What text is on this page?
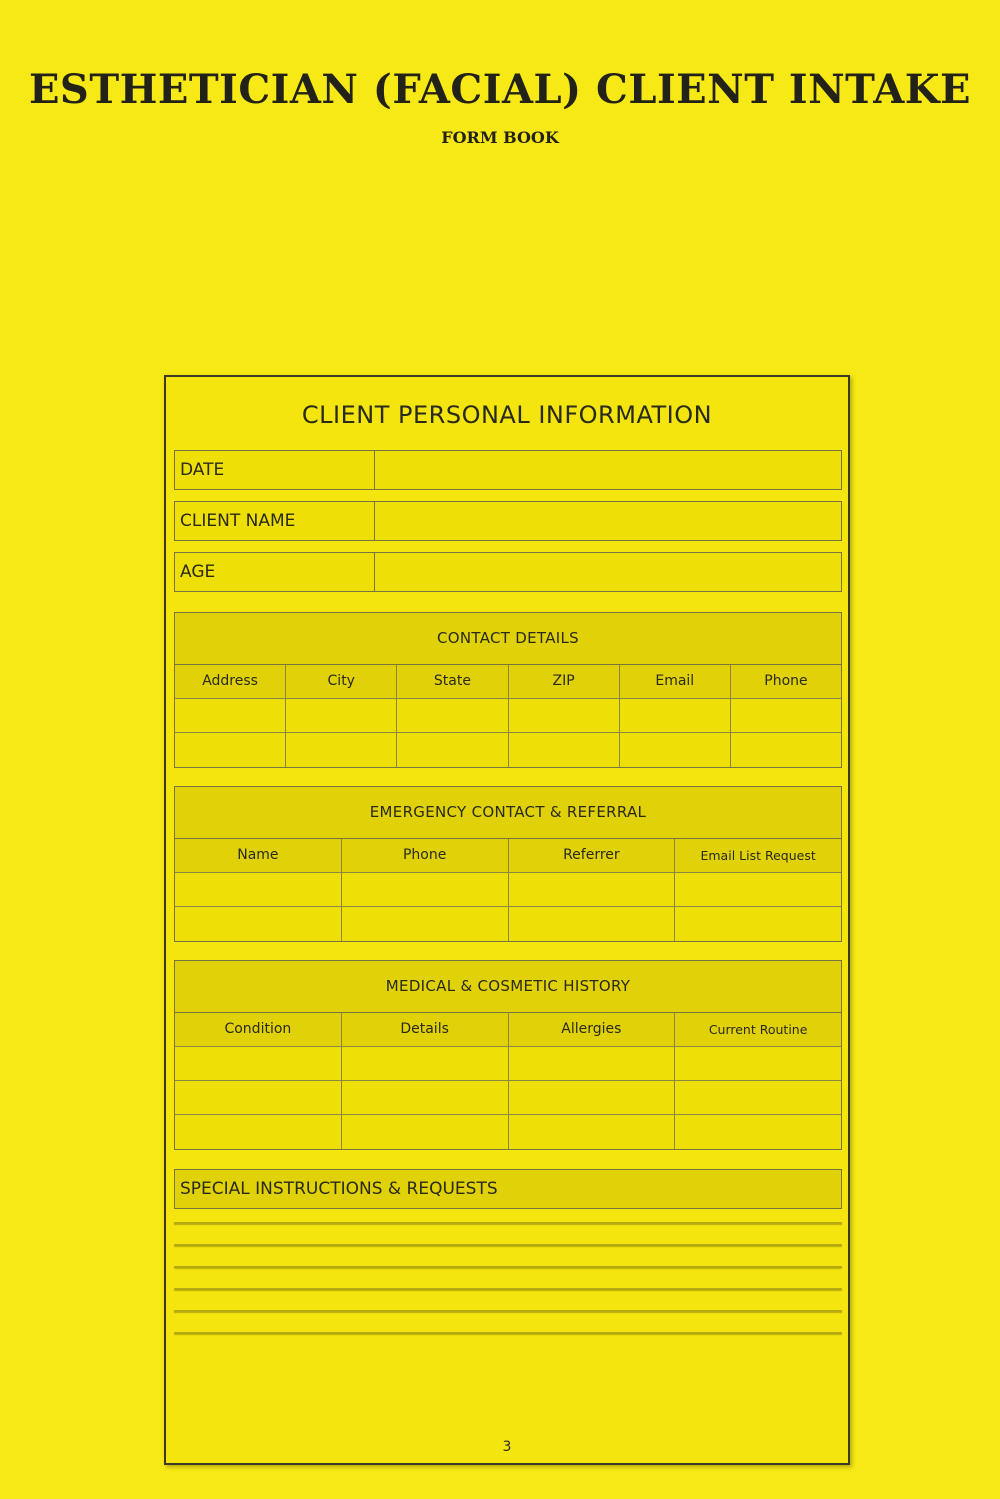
ESTHETICIAN (FACIAL) CLIENT INTAKE
FORM BOOK
CLIENT PERSONAL INFORMATION
DATE
CLIENT NAME
AGE
CONTACT DETAILS
Address	City	State	ZIP	Email	Phone
EMERGENCY CONTACT & REFERRAL
Name	Phone	Referrer	Email List Request
MEDICAL & COSMETIC HISTORY
Condition	Details	Allergies	Current Routine
SPECIAL INSTRUCTIONS & REQUESTS
3
